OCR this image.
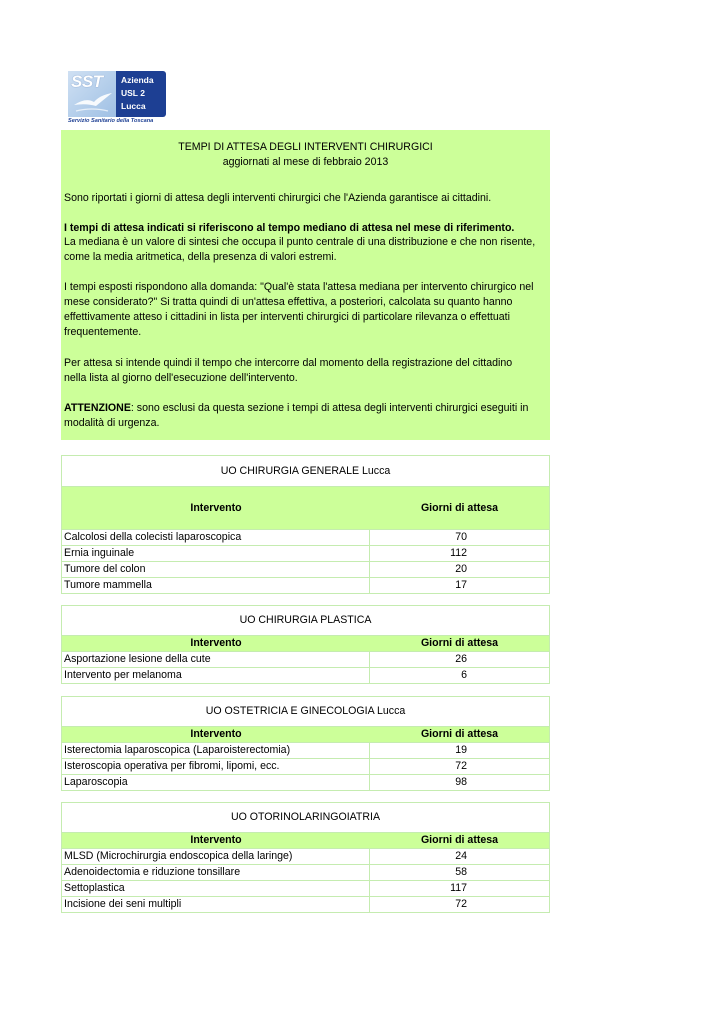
SST Azienda
USL 2
Lucca
Servizio Sanitario della Toscana

TEMPI DI ATTESA DEGLI INTERVENTI CHIRURGICI

aggiornati al mese di febbraio 2013

Sono riportati i giorni di attesa degli interventi chirurgici che l'Azienda garantisce ai cittadini.

I tempi di attesa indicati si riferiscono al tempo mediano di attesa nel mese di riferimento.

La mediana è un valore di sintesi che occupa il punto centrale di una distribuzione e che non risente,

come la media aritmetica, della presenza di valori estremi.

I tempi esposti rispondono alla domanda: "Qual'è stata l'attesa mediana per intervento chirurgico nel

mese considerato?" Si tratta quindi di un'attesa effettiva, a posteriori, calcolata su quanto hanno

effettivamente atteso i cittadini in lista per interventi chirurgici di particolare rilevanza o effettuati

frequentemente.

Per attesa si intende quindi il tempo che intercorre dal momento della registrazione del cittadino

nella lista al giorno dell'esecuzione dell'intervento.

ATTENZIONE: sono esclusi da questa sezione i tempi di attesa degli interventi chirurgici eseguiti in

modalità di urgenza.

UO CHIRURGIA GENERALE Lucca
Intervento	Giorni di attesa
Calcolosi della colecisti laparoscopica	70
Ernia inguinale	112
Tumore del colon	20
Tumore mammella	17
UO CHIRURGIA PLASTICA
Intervento	Giorni di attesa
Asportazione lesione della cute	26
Intervento per melanoma	6
UO OSTETRICIA E GINECOLOGIA Lucca
Intervento	Giorni di attesa
Isterectomia laparoscopica (Laparoisterectomia)	19
Isteroscopia operativa per fibromi, lipomi, ecc.	72
Laparoscopia	98
UO OTORINOLARINGOIATRIA
Intervento	Giorni di attesa
MLSD (Microchirurgia endoscopica della laringe)	24
Adenoidectomia e riduzione tonsillare	58
Settoplastica	117
Incisione dei seni multipli	72
